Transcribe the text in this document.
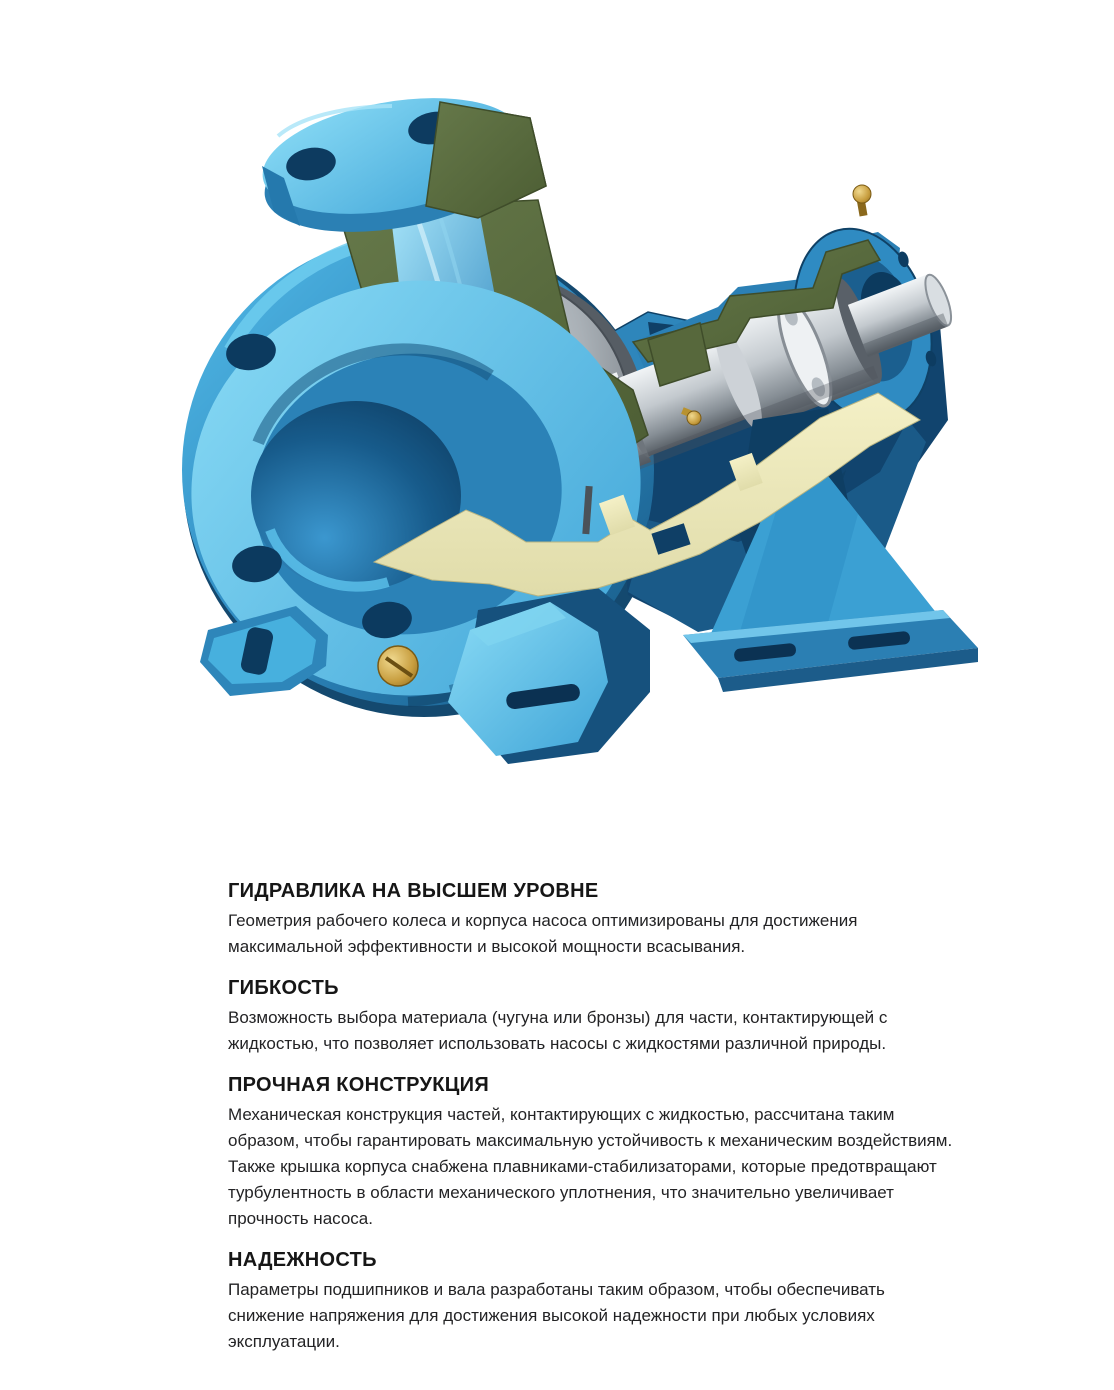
ГИДРАВЛИКА НА ВЫСШЕМ УРОВНЕ

Геометрия рабочего колеса и корпуса насоса оптимизированы для достижения максимальной эффективности и высокой мощности всасывания.

ГИБКОСТЬ

Возможность выбора материала (чугуна или бронзы) для части, контактирующей с жидкостью, что позволяет использовать насосы с жидкостями различной природы.

ПРОЧНАЯ КОНСТРУКЦИЯ

Механическая конструкция частей, контактирующих с жидкостью, рассчитана таким образом, чтобы гарантировать максимальную устойчивость к механическим воздействиям. Также крышка корпуса снабжена плавниками-стабилизаторами, которые предотвращают турбулентность в области механического уплотнения, что значительно увеличивает прочность насоса.

НАДЕЖНОСТЬ

Параметры подшипников и вала разработаны таким образом, чтобы обеспечивать снижение напряжения для достижения высокой надежности при любых условиях эксплуатации.
